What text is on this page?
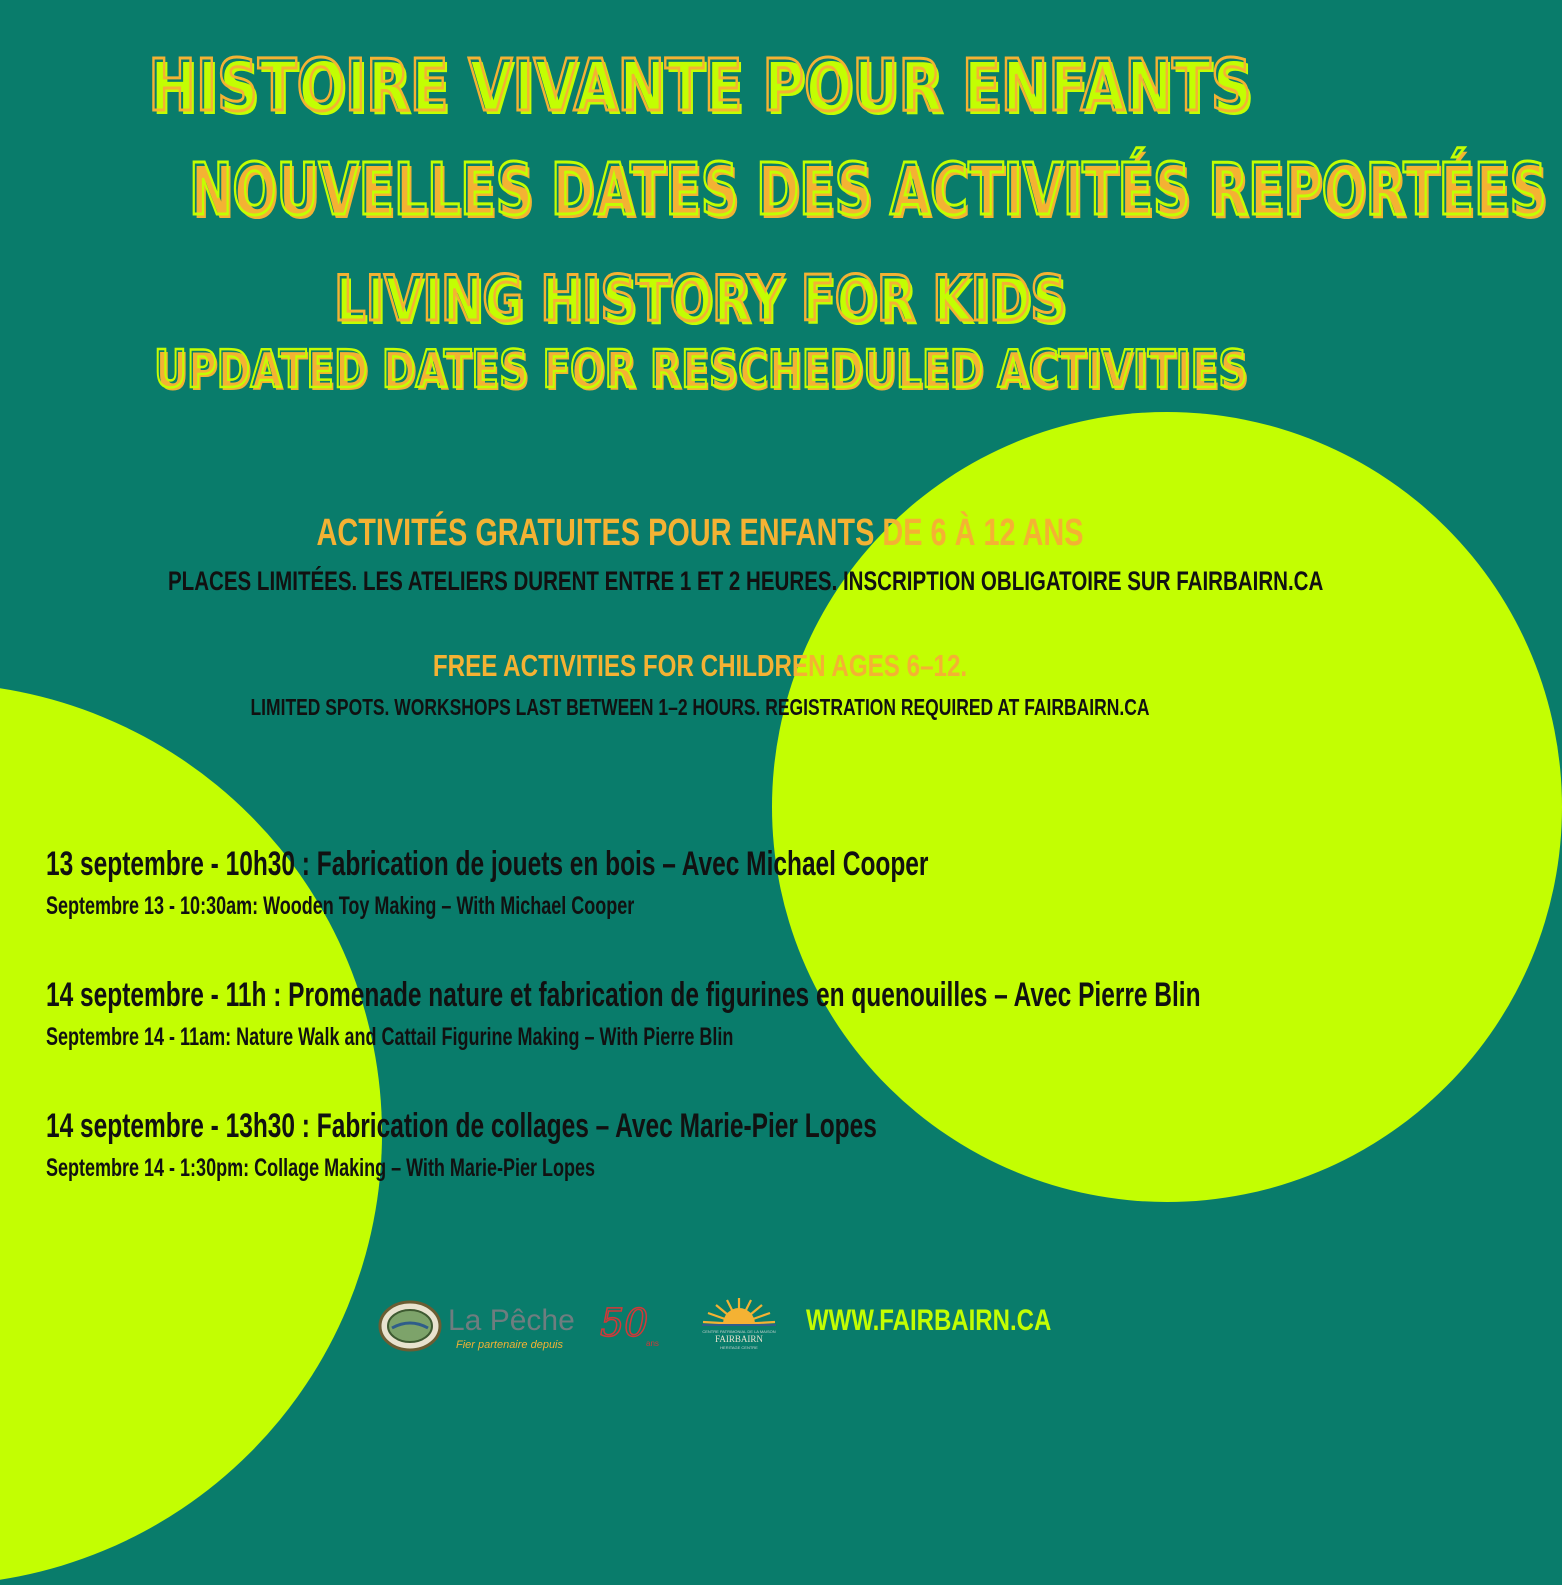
HISTOIRE VIVANTE POUR ENFANTS
NOUVELLES DATES DES ACTIVITÉS REPORTÉES
LIVING HISTORY FOR KIDS
UPDATED DATES FOR RESCHEDULED ACTIVITIES
ACTIVITÉS GRATUITES POUR ENFANTS DE 6 À 12 ANS
PLACES LIMITÉES. LES ATELIERS DURENT ENTRE 1 ET 2 HEURES. INSCRIPTION OBLIGATOIRE SUR FAIRBAIRN.CA
FREE ACTIVITIES FOR CHILDREN AGES 6–12.
LIMITED SPOTS. WORKSHOPS LAST BETWEEN 1–2 HOURS. REGISTRATION REQUIRED AT FAIRBAIRN.CA
13 septembre - 10h30 : Fabrication de jouets en bois – Avec Michael Cooper
Septembre 13 - 10:30am: Wooden Toy Making – With Michael Cooper
14 septembre - 11h : Promenade nature et fabrication de figurines en quenouilles – Avec Pierre Blin
Septembre 14 - 11am: Nature Walk and Cattail Figurine Making – With Pierre Blin
14 septembre - 13h30 : Fabrication de collages – Avec Marie-Pier Lopes
Septembre 14 - 1:30pm: Collage Making – With Marie-Pier Lopes
La Pêche
Fier partenaire depuis 50
ans
CENTRE PATRIMONIAL DE LA MAISON
FAIRBAIRN
HERITAGE CENTRE
WWW.FAIRBAIRN.CA
